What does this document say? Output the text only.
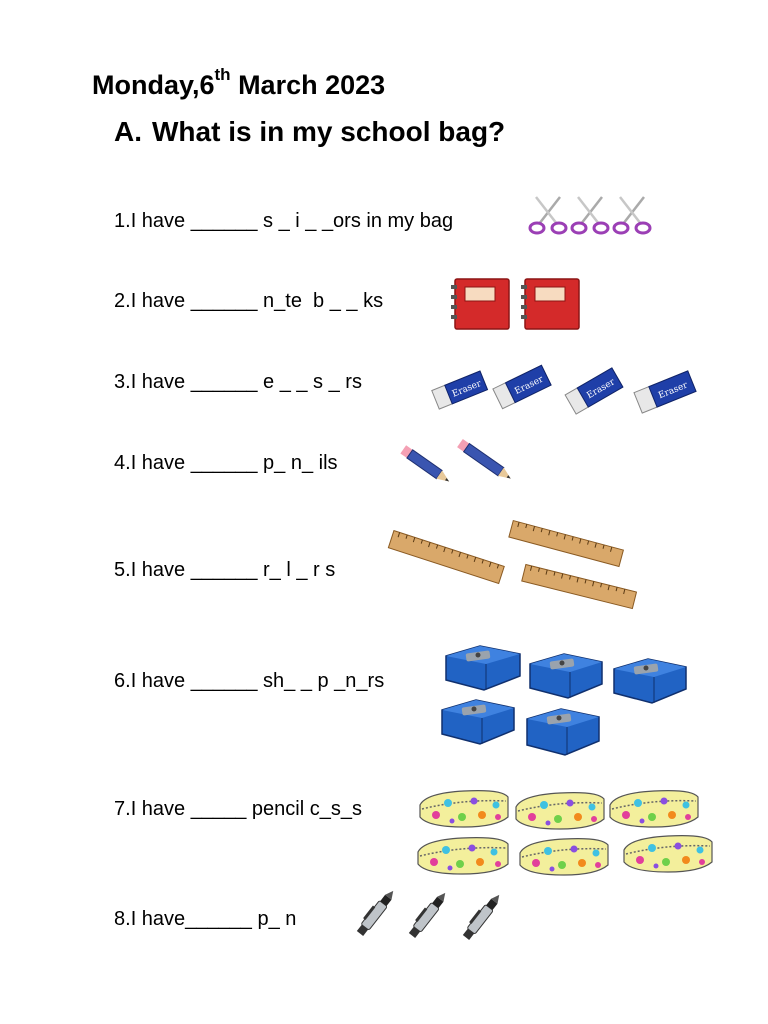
Monday,6th March 2023
A. What is in my school bag?
1.I have ______ s _ i _ _ors in my bag
2.I have ______ n_te  b _ _ ks
3.I have ______ e _ _ s _ rs
4.I have ______ p_ n_ ils
5.I have ______ r_ l _ r s
6.I have ______ sh_ _ p _n_rs
7.I have _____ pencil c_s_s
8.I have______ p_ n
Eraser	Eraser	Eraser	Eraser
